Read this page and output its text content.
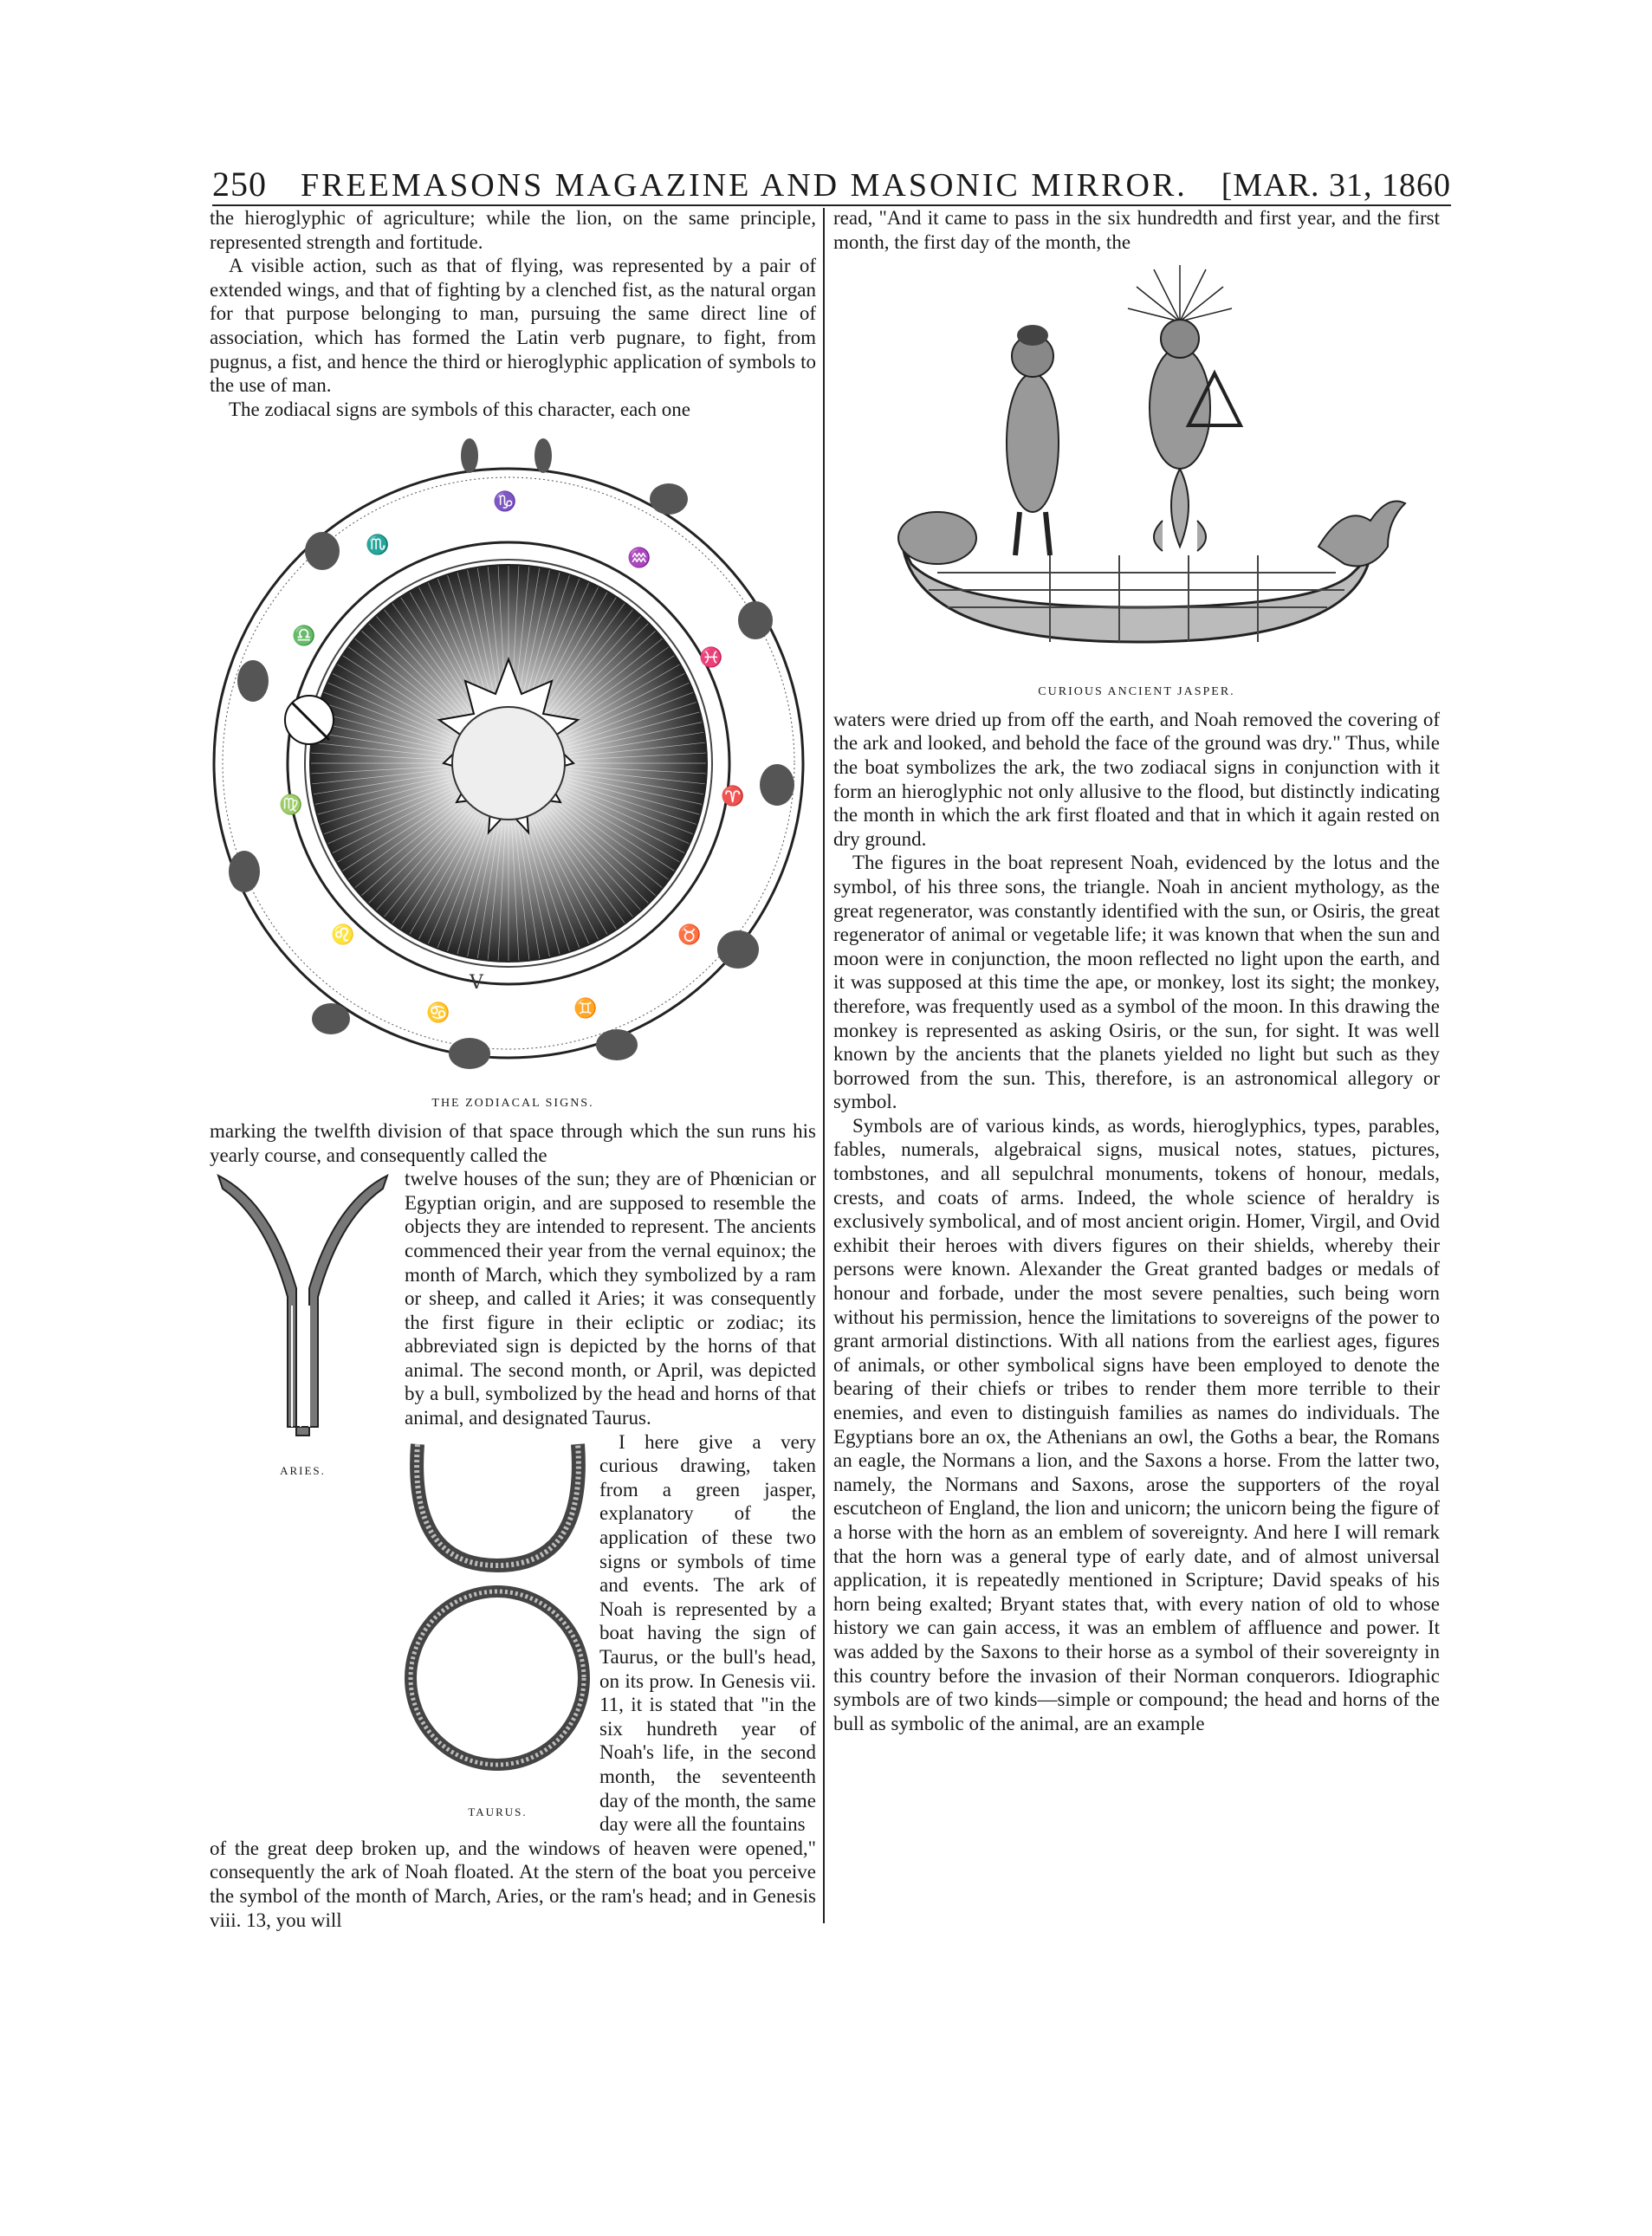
250 FREEMASONS MAGAZINE AND MASONIC MIRROR. [MAR. 31, 1860

the hieroglyphic of agriculture; while the lion, on the same principle, represented strength and fortitude.

A visible action, such as that of flying, was represented by a pair of extended wings, and that of fighting by a clenched fist, as the natural organ for that purpose belonging to man, pursuing the same direct line of association, which has formed the Latin verb pugnare, to fight, from pugnus, a fist, and hence the third or hieroglyphic application of symbols to the use of man.

The zodiacal signs are symbols of this character, each one

♑
♒
♓
♈
♉
♊
♋
♌
♍
♎
♏
V
THE ZODIACAL SIGNS.

marking the twelfth division of that space through which the sun runs his yearly course, and consequently called the

ARIES.

twelve houses of the sun; they are of Phœnician or Egyptian origin, and are supposed to resemble the objects they are intended to represent. The ancients commenced their year from the vernal equinox; the month of March, which they symbolized by a ram or sheep, and called it Aries; it was consequently the first figure in their ecliptic or zodiac; its abbreviated sign is depicted by the horns of that animal. The second month, or April, was depicted by a bull, symbolized by the head and horns of that animal, and designated Taurus.

TAURUS.

I here give a very curious drawing, taken from a green jasper, explanatory of the application of these two signs or symbols of time and events. The ark of Noah is represented by a boat having the sign of Taurus, or the bull's head, on its prow. In Genesis vii. 11, it is stated that "in the six hundreth year of Noah's life, in the second month, the seventeenth day of the month, the same day were all the fountains

of the great deep broken up, and the windows of heaven were opened," consequently the ark of Noah floated. At the stern of the boat you perceive the symbol of the month of March, Aries, or the ram's head; and in Genesis viii. 13, you will

read, "And it came to pass in the six hundredth and first year, and the first month, the first day of the month, the

CURIOUS ANCIENT JASPER.

waters were dried up from off the earth, and Noah removed the covering of the ark and looked, and behold the face of the ground was dry." Thus, while the boat symbolizes the ark, the two zodiacal signs in conjunction with it form an hieroglyphic not only allusive to the flood, but distinctly indicating the month in which the ark first floated and that in which it again rested on dry ground.

The figures in the boat represent Noah, evidenced by the lotus and the symbol, of his three sons, the triangle. Noah in ancient mythology, as the great regenerator, was constantly identified with the sun, or Osiris, the great regenerator of animal or vegetable life; it was known that when the sun and moon were in conjunction, the moon reflected no light upon the earth, and it was supposed at this time the ape, or monkey, lost its sight; the monkey, therefore, was frequently used as a symbol of the moon. In this drawing the monkey is represented as asking Osiris, or the sun, for sight. It was well known by the ancients that the planets yielded no light but such as they borrowed from the sun. This, therefore, is an astronomical allegory or symbol.

Symbols are of various kinds, as words, hieroglyphics, types, parables, fables, numerals, algebraical signs, musical notes, statues, pictures, tombstones, and all sepulchral monuments, tokens of honour, medals, crests, and coats of arms. Indeed, the whole science of heraldry is exclusively symbolical, and of most ancient origin. Homer, Virgil, and Ovid exhibit their heroes with divers figures on their shields, whereby their persons were known. Alexander the Great granted badges or medals of honour and forbade, under the most severe penalties, such being worn without his permission, hence the limitations to sovereigns of the power to grant armorial distinctions. With all nations from the earliest ages, figures of animals, or other symbolical signs have been employed to denote the bearing of their chiefs or tribes to render them more terrible to their enemies, and even to distinguish families as names do individuals. The Egyptians bore an ox, the Athenians an owl, the Goths a bear, the Romans an eagle, the Normans a lion, and the Saxons a horse. From the latter two, namely, the Normans and Saxons, arose the supporters of the royal escutcheon of England, the lion and unicorn; the unicorn being the figure of a horse with the horn as an emblem of sovereignty. And here I will remark that the horn was a general type of early date, and of almost universal application, it is repeatedly mentioned in Scripture; David speaks of his horn being exalted; Bryant states that, with every nation of old to whose history we can gain access, it was an emblem of affluence and power. It was added by the Saxons to their horse as a symbol of their sovereignty in this country before the invasion of their Norman conquerors. Idiographic symbols are of two kinds—simple or compound; the head and horns of the bull as symbolic of the animal, are an example
